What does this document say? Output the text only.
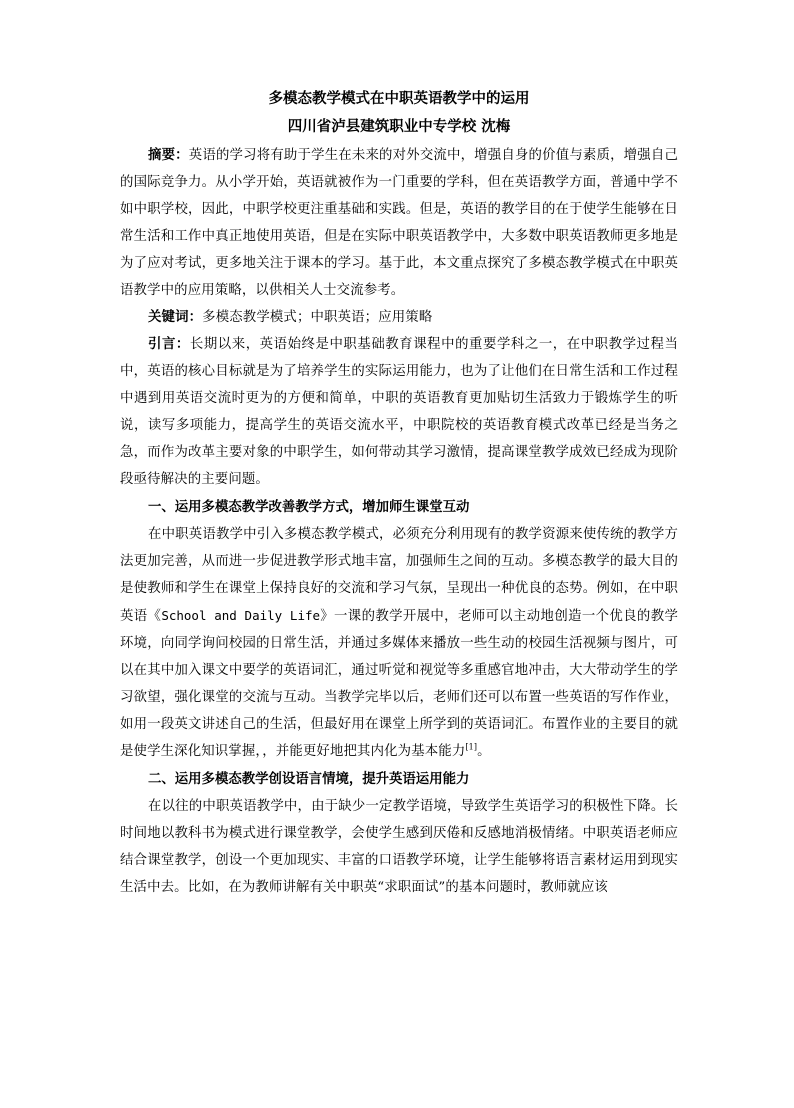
多模态教学模式在中职英语教学中的运用
四川省泸县建筑职业中专学校 沈梅

摘要：英语的学习将有助于学生在未来的对外交流中，增强自身的价值与素质，增强自己的国际竞争力。从小学开始，英语就被作为一门重要的学科，但在英语教学方面，普通中学不如中职学校，因此，中职学校更注重基础和实践。但是，英语的教学目的在于使学生能够在日常生活和工作中真正地使用英语，但是在实际中职英语教学中，大多数中职英语教师更多地是为了应对考试，更多地关注于课本的学习。基于此，本文重点探究了多模态教学模式在中职英语教学中的应用策略，以供相关人士交流参考。

关键词：多模态教学模式；中职英语；应用策略

引言：长期以来，英语始终是中职基础教育课程中的重要学科之一，在中职教学过程当中，英语的核心目标就是为了培养学生的实际运用能力，也为了让他们在日常生活和工作过程中遇到用英语交流时更为的方便和简单，中职的英语教育更加贴切生活致力于锻炼学生的听说，读写多项能力，提高学生的英语交流水平，中职院校的英语教育模式改革已经是当务之急，而作为改革主要对象的中职学生，如何带动其学习激情，提高课堂教学成效已经成为现阶段亟待解决的主要问题。

一、运用多模态教学改善教学方式，增加师生课堂互动

在中职英语教学中引入多模态教学模式，必须充分利用现有的教学资源来使传统的教学方法更加完善，从而进一步促进教学形式地丰富，加强师生之间的互动。多模态教学的最大目的是使教师和学生在课堂上保持良好的交流和学习气氛，呈现出一种优良的态势。例如，在中职英语《School and Daily Life》一课的教学开展中，老师可以主动地创造一个优良的教学环境，向同学询问校园的日常生活，并通过多媒体来播放一些生动的校园生活视频与图片，可以在其中加入课文中要学的英语词汇，通过听觉和视觉等多重感官地冲击，大大带动学生的学习欲望，强化课堂的交流与互动。当教学完毕以后，老师们还可以布置一些英语的写作作业，如用一段英文讲述自己的生活，但最好用在课堂上所学到的英语词汇。布置作业的主要目的就是使学生深化知识掌握，，并能更好地把其内化为基本能力[1]。

二、运用多模态教学创设语言情境，提升英语运用能力

在以往的中职英语教学中，由于缺少一定教学语境，导致学生英语学习的积极性下降。长时间地以教科书为模式进行课堂教学，会使学生感到厌倦和反感地消极情绪。中职英语老师应结合课堂教学，创设一个更加现实、丰富的口语教学环境，让学生能够将语言素材运用到现实生活中去。比如，在为教师讲解有关中职英“求职面试”的基本问题时，教师就应该
